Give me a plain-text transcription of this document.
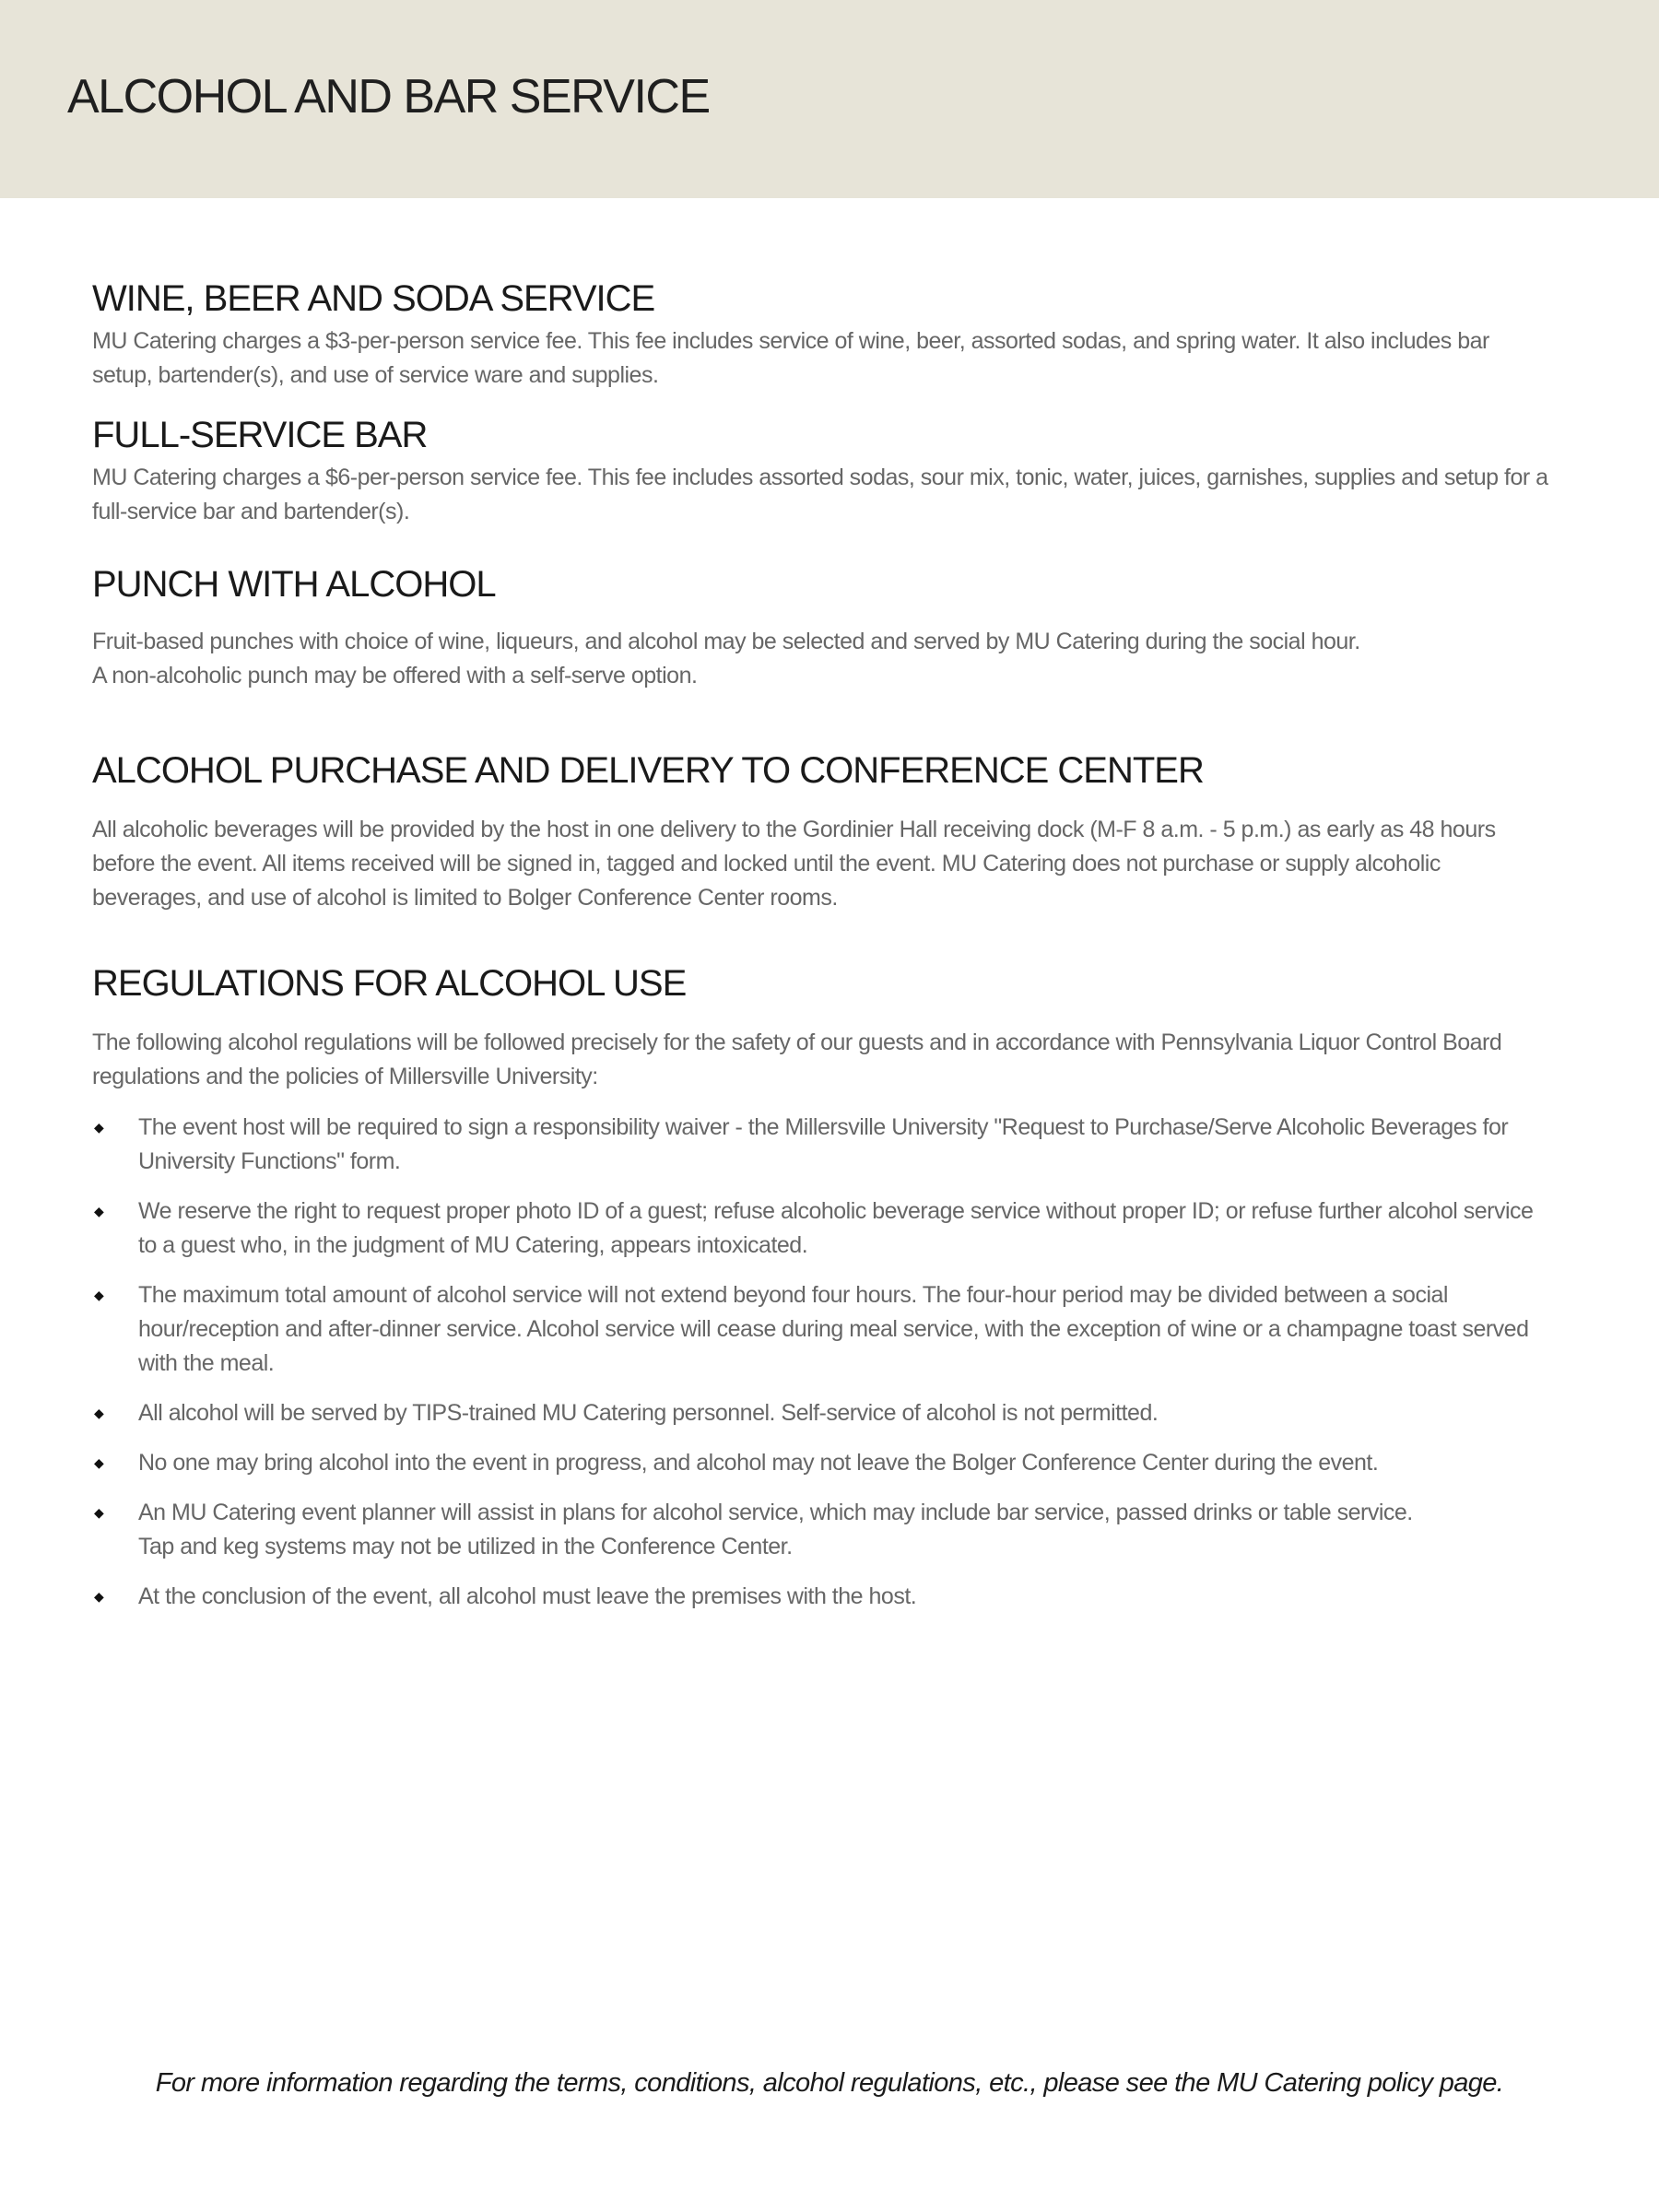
ALCOHOL AND BAR SERVICE
WINE, BEER AND SODA SERVICE

MU Catering charges a $3-per-person service fee. This fee includes service of wine, beer, assorted sodas, and spring water. It also includes bar setup, bartender(s), and use of service ware and supplies.

FULL-SERVICE BAR

MU Catering charges a $6-per-person service fee. This fee includes assorted sodas, sour mix, tonic, water, juices, garnishes, supplies and setup for a full-service bar and bartender(s).

PUNCH WITH ALCOHOL

Fruit-based punches with choice of wine, liqueurs, and alcohol may be selected and served by MU Catering during the social hour.

A non-alcoholic punch may be offered with a self-serve option.

ALCOHOL PURCHASE AND DELIVERY TO CONFERENCE CENTER

All alcoholic beverages will be provided by the host in one delivery to the Gordinier Hall receiving dock (M-F 8 a.m. - 5 p.m.) as early as 48 hours before the event. All items received will be signed in, tagged and locked until the event. MU Catering does not purchase or supply alcoholic beverages, and use of alcohol is limited to Bolger Conference Center rooms.

REGULATIONS FOR ALCOHOL USE

The following alcohol regulations will be followed precisely for the safety of our guests and in accordance with Pennsylvania Liquor Control Board regulations and the policies of Millersville University:

◆ The event host will be required to sign a responsibility waiver - the Millersville University "Request to Purchase/Serve Alcoholic Beverages for University Functions" form.
◆ We reserve the right to request proper photo ID of a guest; refuse alcoholic beverage service without proper ID; or refuse further alcohol service to a guest who, in the judgment of MU Catering, appears intoxicated.
◆ The maximum total amount of alcohol service will not extend beyond four hours. The four-hour period may be divided between a social hour/reception and after-dinner service. Alcohol service will cease during meal service, with the exception of wine or a champagne toast served with the meal.
◆ All alcohol will be served by TIPS-trained MU Catering personnel. Self-service of alcohol is not permitted.
◆ No one may bring alcohol into the event in progress, and alcohol may not leave the Bolger Conference Center during the event.
◆ An MU Catering event planner will assist in plans for alcohol service, which may include bar service, passed drinks or table service.
Tap and keg systems may not be utilized in the Conference Center.
◆ At the conclusion of the event, all alcohol must leave the premises with the host.

For more information regarding the terms, conditions, alcohol regulations, etc., please see the MU Catering policy page.
